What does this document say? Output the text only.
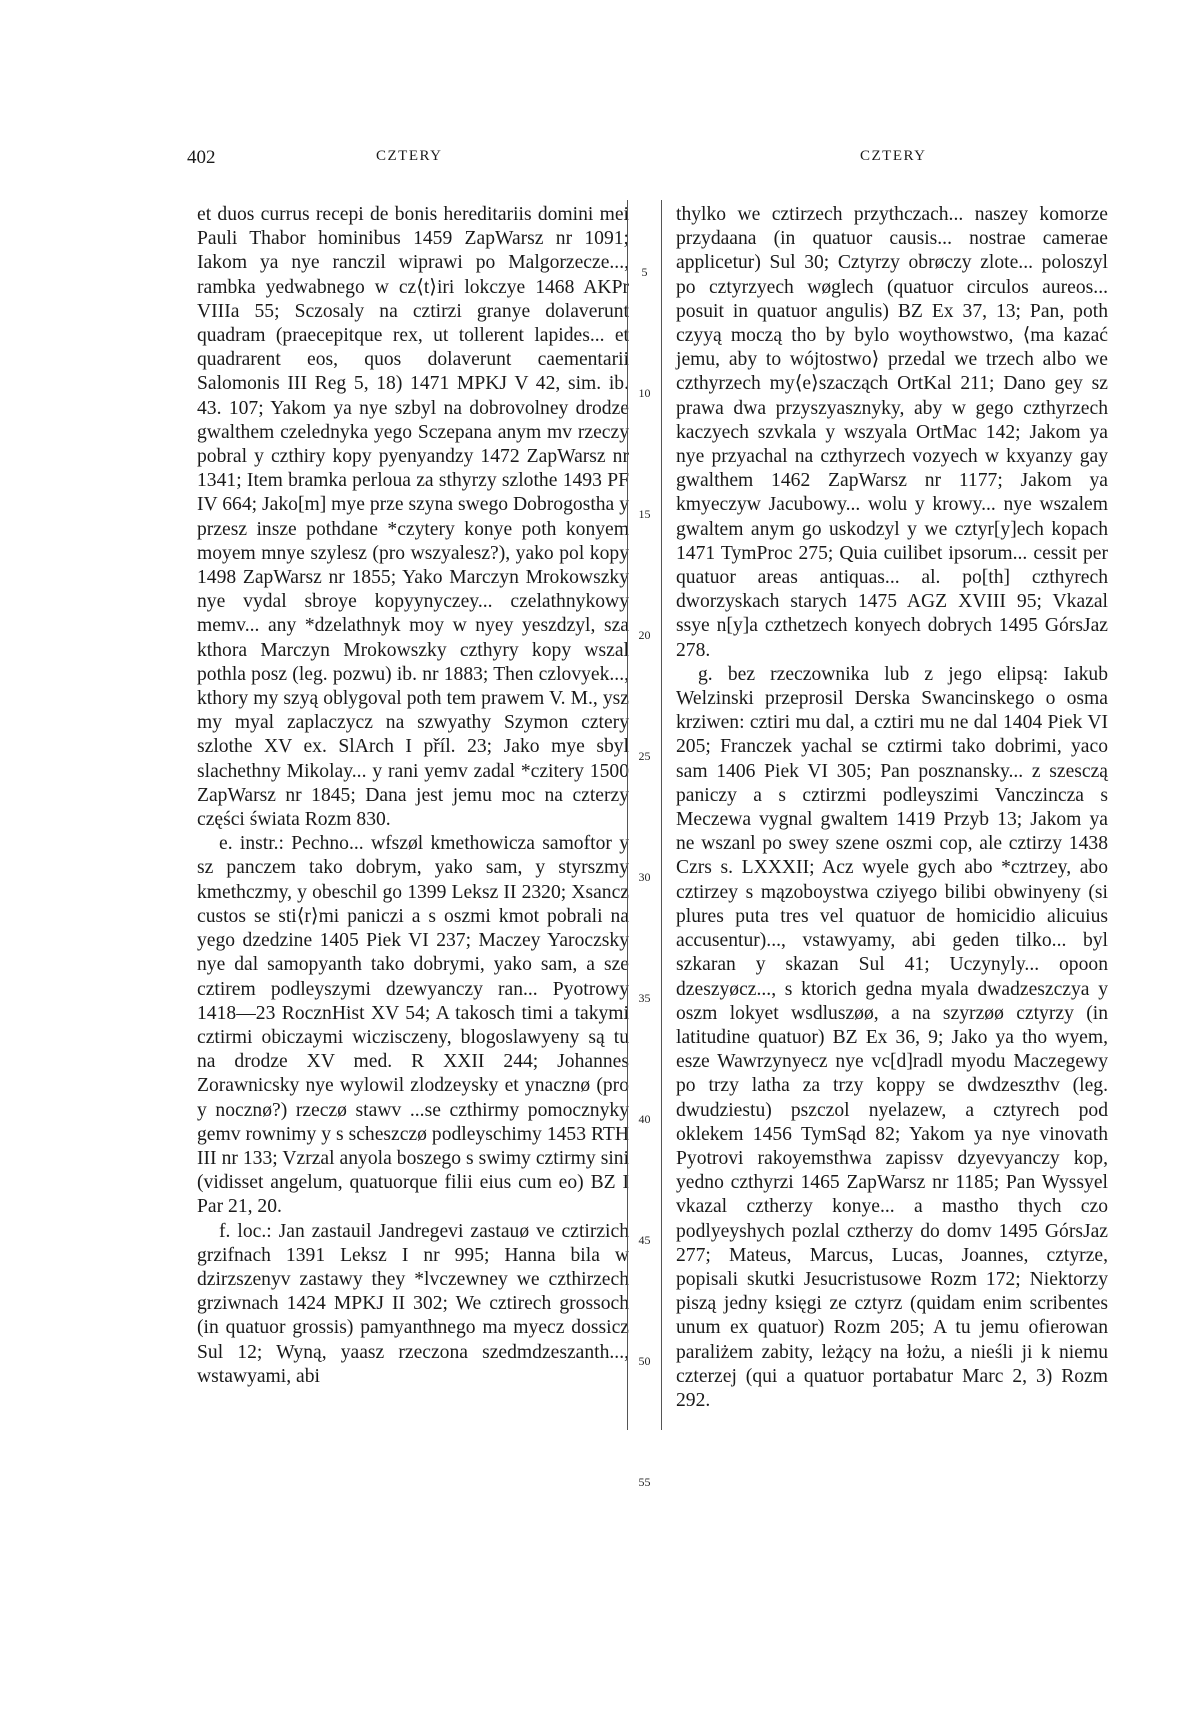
402	CZTERY	CZTERY

et duos currus recepi de bonis hereditariis domini mei Pauli Thabor hominibus 1459 ZapWarsz nr 1091; Iakom ya nye ranczil wiprawi po Malgorzecze..., rambka yedwabnego w cz⟨t⟩iri lokczye 1468 AKPr VIIIa 55; Sczosaly na cztirzi granye dolaverunt quadram (praecepitque rex, ut tollerent lapides... et quadrarent eos, quos dolaverunt caementarii Salomonis III Reg 5, 18) 1471 MPKJ V 42, sim. ib. 43. 107; Yakom ya nye szbyl na dobrovolney drodze gwalthem czelednyka yego Sczepana anym mv rzeczy pobral y czthiry kopy pyenyandzy 1472 ZapWarsz nr 1341; Item bramka perloua za sthyrzy szlothe 1493 PF IV 664; Jako[m] mye prze szyna swego Dobrogostha y przesz insze pothdane *czytery konye poth konyem moyem mnye szylesz (pro wszyalesz?), yako pol kopy 1498 ZapWarsz nr 1855; Yako Marczyn Mrokowszky nye vydal sbroye kopyynyczey... czelathnykowy memv... any *dzelathnyk moy w nyey yeszdzyl, sza kthora Marczyn Mrokowszky czthyry kopy wszal pothla posz (leg. pozwu) ib. nr 1883; Then czlovyek..., kthory my szyą oblygoval poth tem prawem V. M., ysz my myal zaplaczycz na szwyathy Szymon cztery szlothe XV ex. SlArch I příl. 23; Jako mye sbyl slachethny Mikolay... y rani yemv zadal *czitery 1500 ZapWarsz nr 1845; Dana jest jemu moc na czterzy części świata Rozm 830.

e. instr.: Pechno... wfszøl kmethowicza samoftor y sz panczem tako dobrym, yako sam, y styrszmy kmethczmy, y obeschil go 1399 Leksz II 2320; Xsancz custos se sti⟨r⟩mi paniczi a s oszmi kmot pobrali na yego dzedzine 1405 Piek VI 237; Maczey Yaroczsky nye dal samopyanth tako dobrymi, yako sam, a sze cztirem podleyszymi dzewyanczy ran... Pyotrowy 1418—23 RocznHist XV 54; A takosch timi a takymi cztirmi obiczaymi wiczisczeny, blogoslawyeny są tu na drodze XV med. R XXII 244; Johannes Zorawnicsky nye wylowil zlodzeysky et ynacznø (pro y nocznø?) rzeczø stawv ...se czthirmy pomocznyky gemv rownimy y s scheszczø podleyschimy 1453 RTH III nr 133; Vzrzal anyola boszego s swimy cztirmy sini (vidisset angelum, quatuorque filii eius cum eo) BZ I Par 21, 20.

f. loc.: Jan zastauil Jandregevi zastauø ve cztirzich grzifnach 1391 Leksz I nr 995; Hanna bila w dzirzszenyv zastawy they *lvczewney we czthirzech grziwnach 1424 MPKJ II 302; We cztirech grossoch (in quatuor grossis) pamyanthnego ma myecz dossicz Sul 12; Wyną, yaasz rzeczona szedmdzeszanth..., wstawyami, abi

5
10
15
20
25
30
35
40
45
50
55

thylko we cztirzech przythczach... naszey komorze przydaana (in quatuor causis... nostrae camerae applicetur) Sul 30; Cztyrzy obrøczy zlote... poloszyl po cztyrzyech wøglech (quatuor circulos aureos... posuit in quatuor angulis) BZ Ex 37, 13; Pan, poth czyyą moczą tho by bylo woythowstwo, ⟨ma kazać jemu, aby to wójtostwo⟩ przedal we trzech albo we czthyrzech my⟨e⟩szacząch OrtKal 211; Dano gey sz prawa dwa przyszyasznyky, aby w gego czthyrzech kaczyech szvkala y wszyala OrtMac 142; Jakom ya nye przyachal na czthyrzech vozyech w kxyanzy gay gwalthem 1462 ZapWarsz nr 1177; Jakom ya kmyeczyw Jacubowy... wolu y krowy... nye wszalem gwaltem anym go uskodzyl y we cztyr[y]ech kopach 1471 TymProc 275; Quia cuilibet ipsorum... cessit per quatuor areas antiquas... al. po[th] czthyrech dworzyskach starych 1475 AGZ XVIII 95; Vkazal ssye n[y]a czthetzech konyech dobrych 1495 GórsJaz 278.

g. bez rzeczownika lub z jego elipsą: Iakub Welzinski przeprosil Derska Swancinskego o osma krziwen: cztiri mu dal, a cztiri mu ne dal 1404 Piek VI 205; Franczek yachal se cztirmi tako dobrimi, yaco sam 1406 Piek VI 305; Pan posznansky... z szesczą paniczy a s cztirzmi podleyszimi Vanczincza s Meczewa vygnal gwaltem 1419 Przyb 13; Jakom ya ne wszanl po swey szene oszmi cop, ale cztirzy 1438 Czrs s. LXXXII; Acz wyele gych abo *cztrzey, abo cztirzey s mązoboystwa cziyego bilibi obwinyeny (si plures puta tres vel quatuor de homicidio alicuius accusentur)..., vstawyamy, abi geden tilko... byl szkaran y skazan Sul 41; Uczynyly... opoon dzeszyøcz..., s ktorich gedna myala dwadzeszczya y oszm lokyet wsdluszøø, a na szyrzøø cztyrzy (in latitudine quatuor) BZ Ex 36, 9; Jako ya tho wyem, esze Wawrzynyecz nye vc[d]radl myodu Maczegewy po trzy latha za trzy koppy se dwdzeszthv (leg. dwudziestu) pszczol nyelazew, a cztyrech pod oklekem 1456 TymSąd 82; Yakom ya nye vinovath Pyotrovi rakoyemsthwa zapissv dzyevyanczy kop, yedno czthyrzi 1465 ZapWarsz nr 1185; Pan Wyssyel vkazal cztherzy konye... a mastho thych czo podlyeyshych pozlal cztherzy do domv 1495 GórsJaz 277; Mateus, Marcus, Lucas, Joannes, cztyrze, popisali skutki Jesucristusowe Rozm 172; Niektorzy piszą jedny księgi ze cztyrz (quidam enim scribentes unum ex quatuor) Rozm 205; A tu jemu ofierowan paraliżem zabity, leżący na łożu, a nieśli ji k niemu czterzej (qui a quatuor portabatur Marc 2, 3) Rozm 292.
